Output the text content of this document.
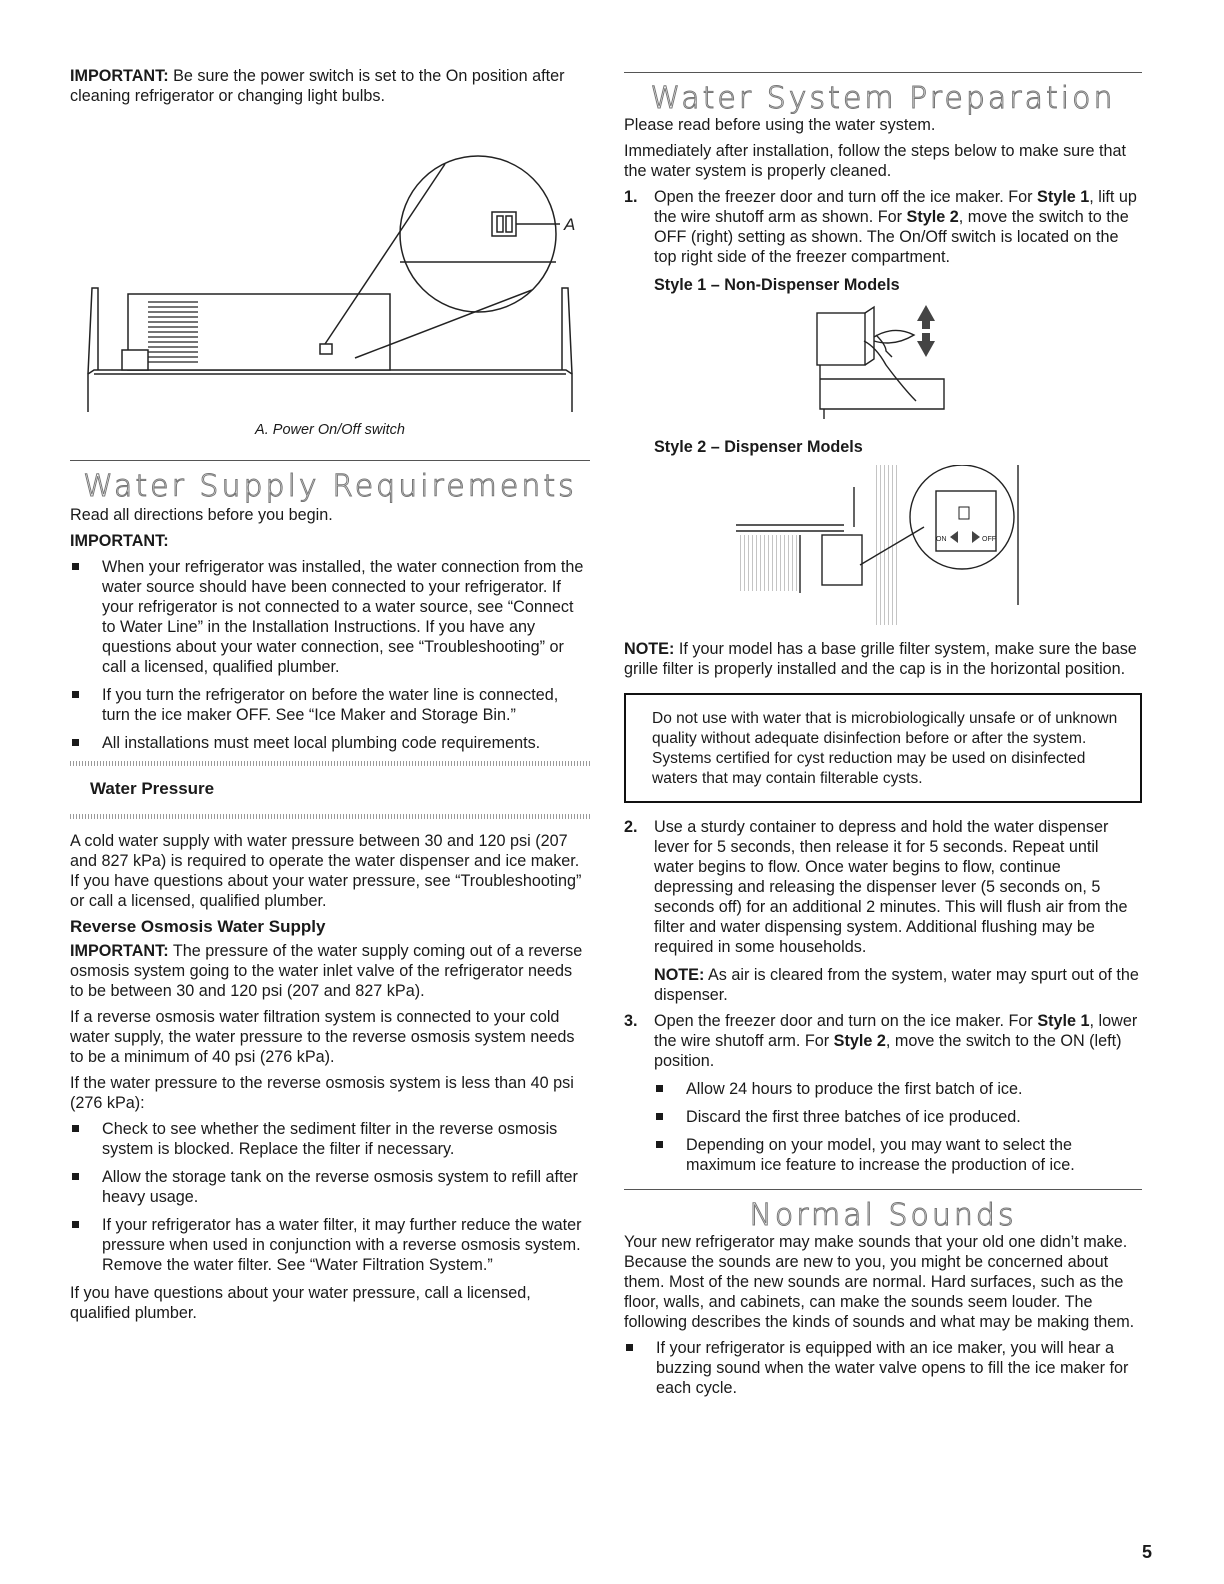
IMPORTANT: Be sure the power switch is set to the On position after cleaning refrigerator or changing light bulbs.

A

A. Power On/Off switch

Water Supply Requirements

Read all directions before you begin.

IMPORTANT:

When your refrigerator was installed, the water connection from the water source should have been connected to your refrigerator. If your refrigerator is not connected to a water source, see “Connect to Water Line” in the Installation Instructions. If you have any questions about your water connection, see “Troubleshooting” or call a licensed, qualified plumber.

If you turn the refrigerator on before the water line is connected, turn the ice maker OFF. See “Ice Maker and Storage Bin.”

All installations must meet local plumbing code requirements.

Water Pressure

A cold water supply with water pressure between 30 and 120 psi (207 and 827 kPa) is required to operate the water dispenser and ice maker. If you have questions about your water pressure, see “Troubleshooting” or call a licensed, qualified plumber.

Reverse Osmosis Water Supply

IMPORTANT: The pressure of the water supply coming out of a reverse osmosis system going to the water inlet valve of the refrigerator needs to be between 30 and 120 psi (207 and 827 kPa).

If a reverse osmosis water filtration system is connected to your cold water supply, the water pressure to the reverse osmosis system needs to be a minimum of 40 psi (276 kPa).

If the water pressure to the reverse osmosis system is less than 40 psi (276 kPa):

Check to see whether the sediment filter in the reverse osmosis system is blocked. Replace the filter if necessary.

Allow the storage tank on the reverse osmosis system to refill after heavy usage.

If your refrigerator has a water filter, it may further reduce the water pressure when used in conjunction with a reverse osmosis system. Remove the water filter. See “Water Filtration System.”

If you have questions about your water pressure, call a licensed, qualified plumber.

Water System Preparation

Please read before using the water system.

Immediately after installation, follow the steps below to make sure that the water system is properly cleaned.

1. Open the freezer door and turn off the ice maker. For Style 1, lift up the wire shutoff arm as shown. For Style 2, move the switch to the OFF (right) setting as shown. The On/Off switch is located on the top right side of the freezer compartment.

Style 1 – Non-Dispenser Models

Style 2 – Dispenser Models

ON	OFF

NOTE: If your model has a base grille filter system, make sure the base grille filter is properly installed and the cap is in the horizontal position.

Do not use with water that is microbiologically unsafe or of unknown quality without adequate disinfection before or after the system. Systems certified for cyst reduction may be used on disinfected waters that may contain filterable cysts.

2. Use a sturdy container to depress and hold the water dispenser lever for 5 seconds, then release it for 5 seconds. Repeat until water begins to flow. Once water begins to flow, continue depressing and releasing the dispenser lever (5 seconds on, 5 seconds off) for an additional 2 minutes. This will flush air from the filter and water dispensing system. Additional flushing may be required in some households.

NOTE: As air is cleared from the system, water may spurt out of the dispenser.

3. Open the freezer door and turn on the ice maker. For Style 1, lower the wire shutoff arm. For Style 2, move the switch to the ON (left) position.

Allow 24 hours to produce the first batch of ice.

Discard the first three batches of ice produced.

Depending on your model, you may want to select the maximum ice feature to increase the production of ice.

Normal Sounds

Your new refrigerator may make sounds that your old one didn’t make. Because the sounds are new to you, you might be concerned about them. Most of the new sounds are normal. Hard surfaces, such as the floor, walls, and cabinets, can make the sounds seem louder. The following describes the kinds of sounds and what may be making them.

If your refrigerator is equipped with an ice maker, you will hear a buzzing sound when the water valve opens to fill the ice maker for each cycle.

5
